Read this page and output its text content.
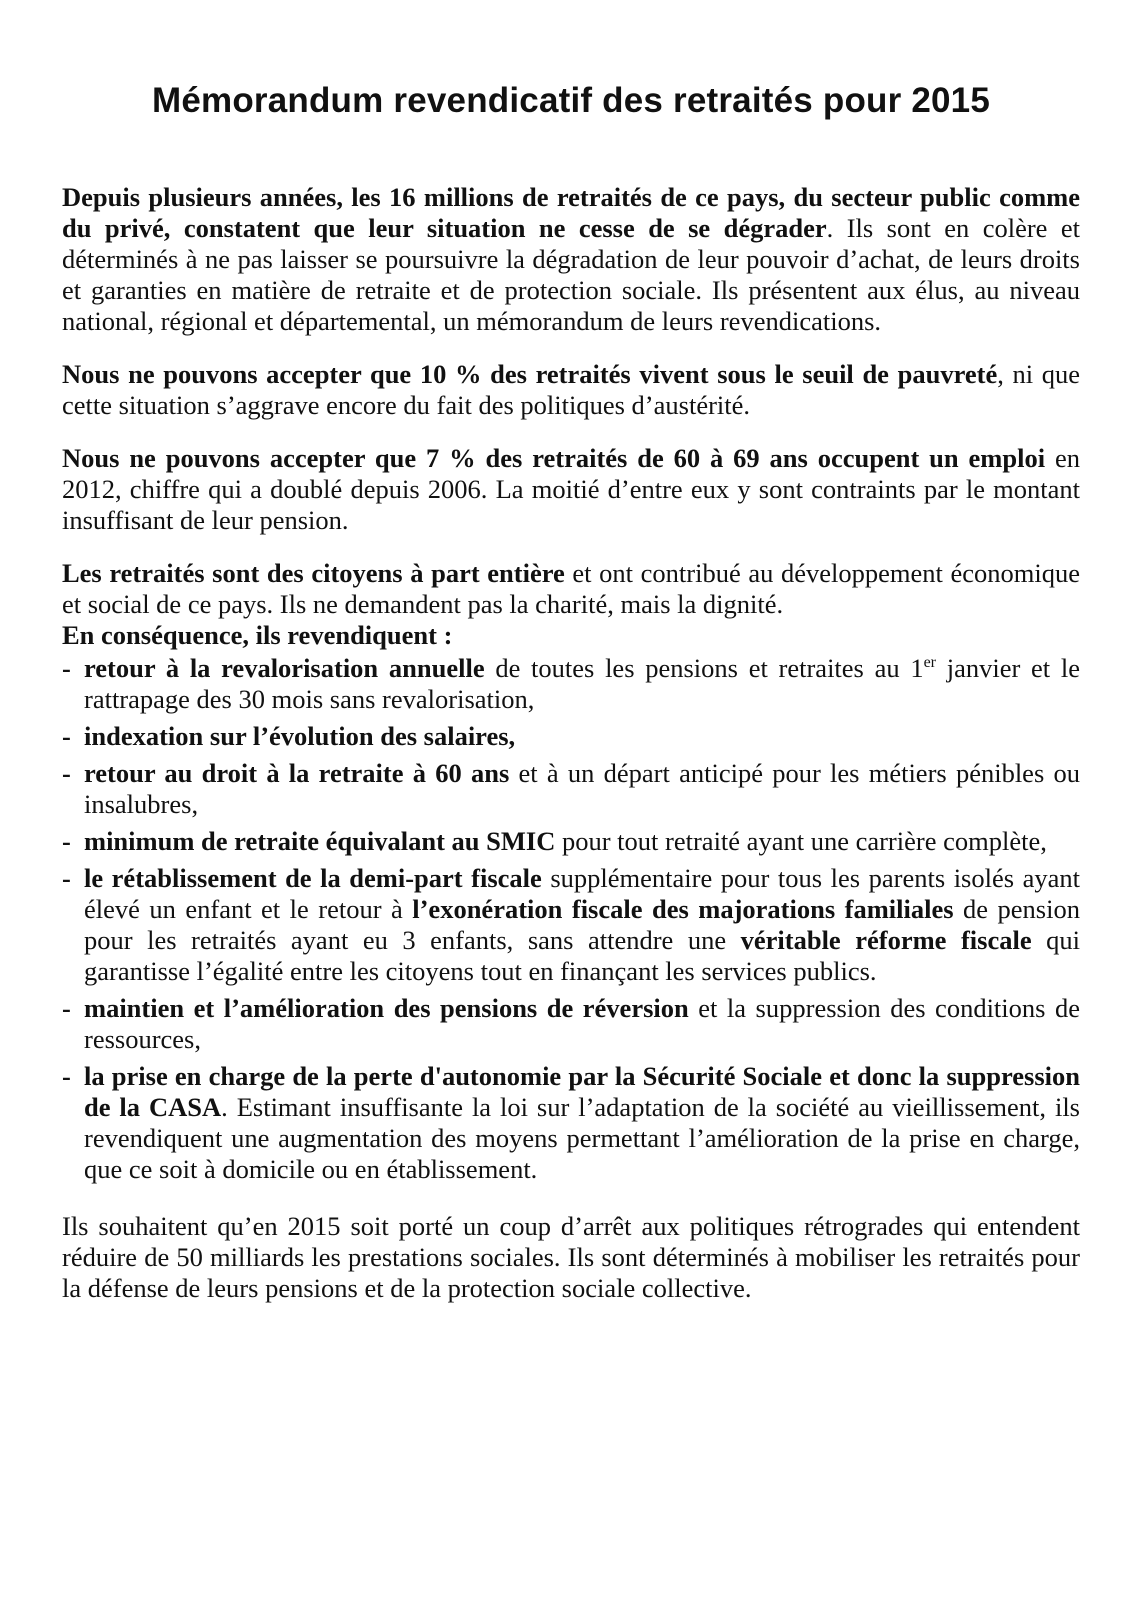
Mémorandum revendicatif des retraités pour 2015

Depuis plusieurs années, les 16 millions de retraités de ce pays, du secteur public comme du privé, constatent que leur situation ne cesse de se dégrader. Ils sont en colère et déterminés à ne pas laisser se poursuivre la dégradation de leur pouvoir d’achat, de leurs droits et garanties en matière de retraite et de protection sociale. Ils présentent aux élus, au niveau national, régional et départemental, un mémorandum de leurs revendications.

Nous ne pouvons accepter que 10 % des retraités vivent sous le seuil de pauvreté, ni que cette situation s’aggrave encore du fait des politiques d’austérité.

Nous ne pouvons accepter que 7 % des retraités de 60 à 69 ans occupent un emploi en 2012, chiffre qui a doublé depuis 2006. La moitié d’entre eux y sont contraints par le montant insuffisant de leur pension.

Les retraités sont des citoyens à part entière et ont contribué au développement économique et social de ce pays. Ils ne demandent pas la charité, mais la dignité.

En conséquence, ils revendiquent :

- retour à la revalorisation annuelle de toutes les pensions et retraites au 1er janvier et le rattrapage des 30 mois sans revalorisation,
- indexation sur l’évolution des salaires,
- retour au droit à la retraite à 60 ans et à un départ anticipé pour les métiers pénibles ou insalubres,
- minimum de retraite équivalant au SMIC pour tout retraité ayant une carrière complète,
- le rétablissement de la demi-part fiscale supplémentaire pour tous les parents isolés ayant élevé un enfant et le retour à l’exonération fiscale des majorations familiales de pension pour les retraités ayant eu 3 enfants, sans attendre une véritable réforme fiscale qui garantisse l’égalité entre les citoyens tout en finançant les services publics.
- maintien et l’amélioration des pensions de réversion et la suppression des conditions de ressources,
- la prise en charge de la perte d'autonomie par la Sécurité Sociale et donc la suppression de la CASA. Estimant insuffisante la loi sur l’adaptation de la société au vieillissement, ils revendiquent une augmentation des moyens permettant l’amélioration de la prise en charge, que ce soit à domicile ou en établissement.

Ils souhaitent qu’en 2015 soit porté un coup d’arrêt aux politiques rétrogrades qui entendent réduire de 50 milliards les prestations sociales. Ils sont déterminés à mobiliser les retraités pour la défense de leurs pensions et de la protection sociale collective.
